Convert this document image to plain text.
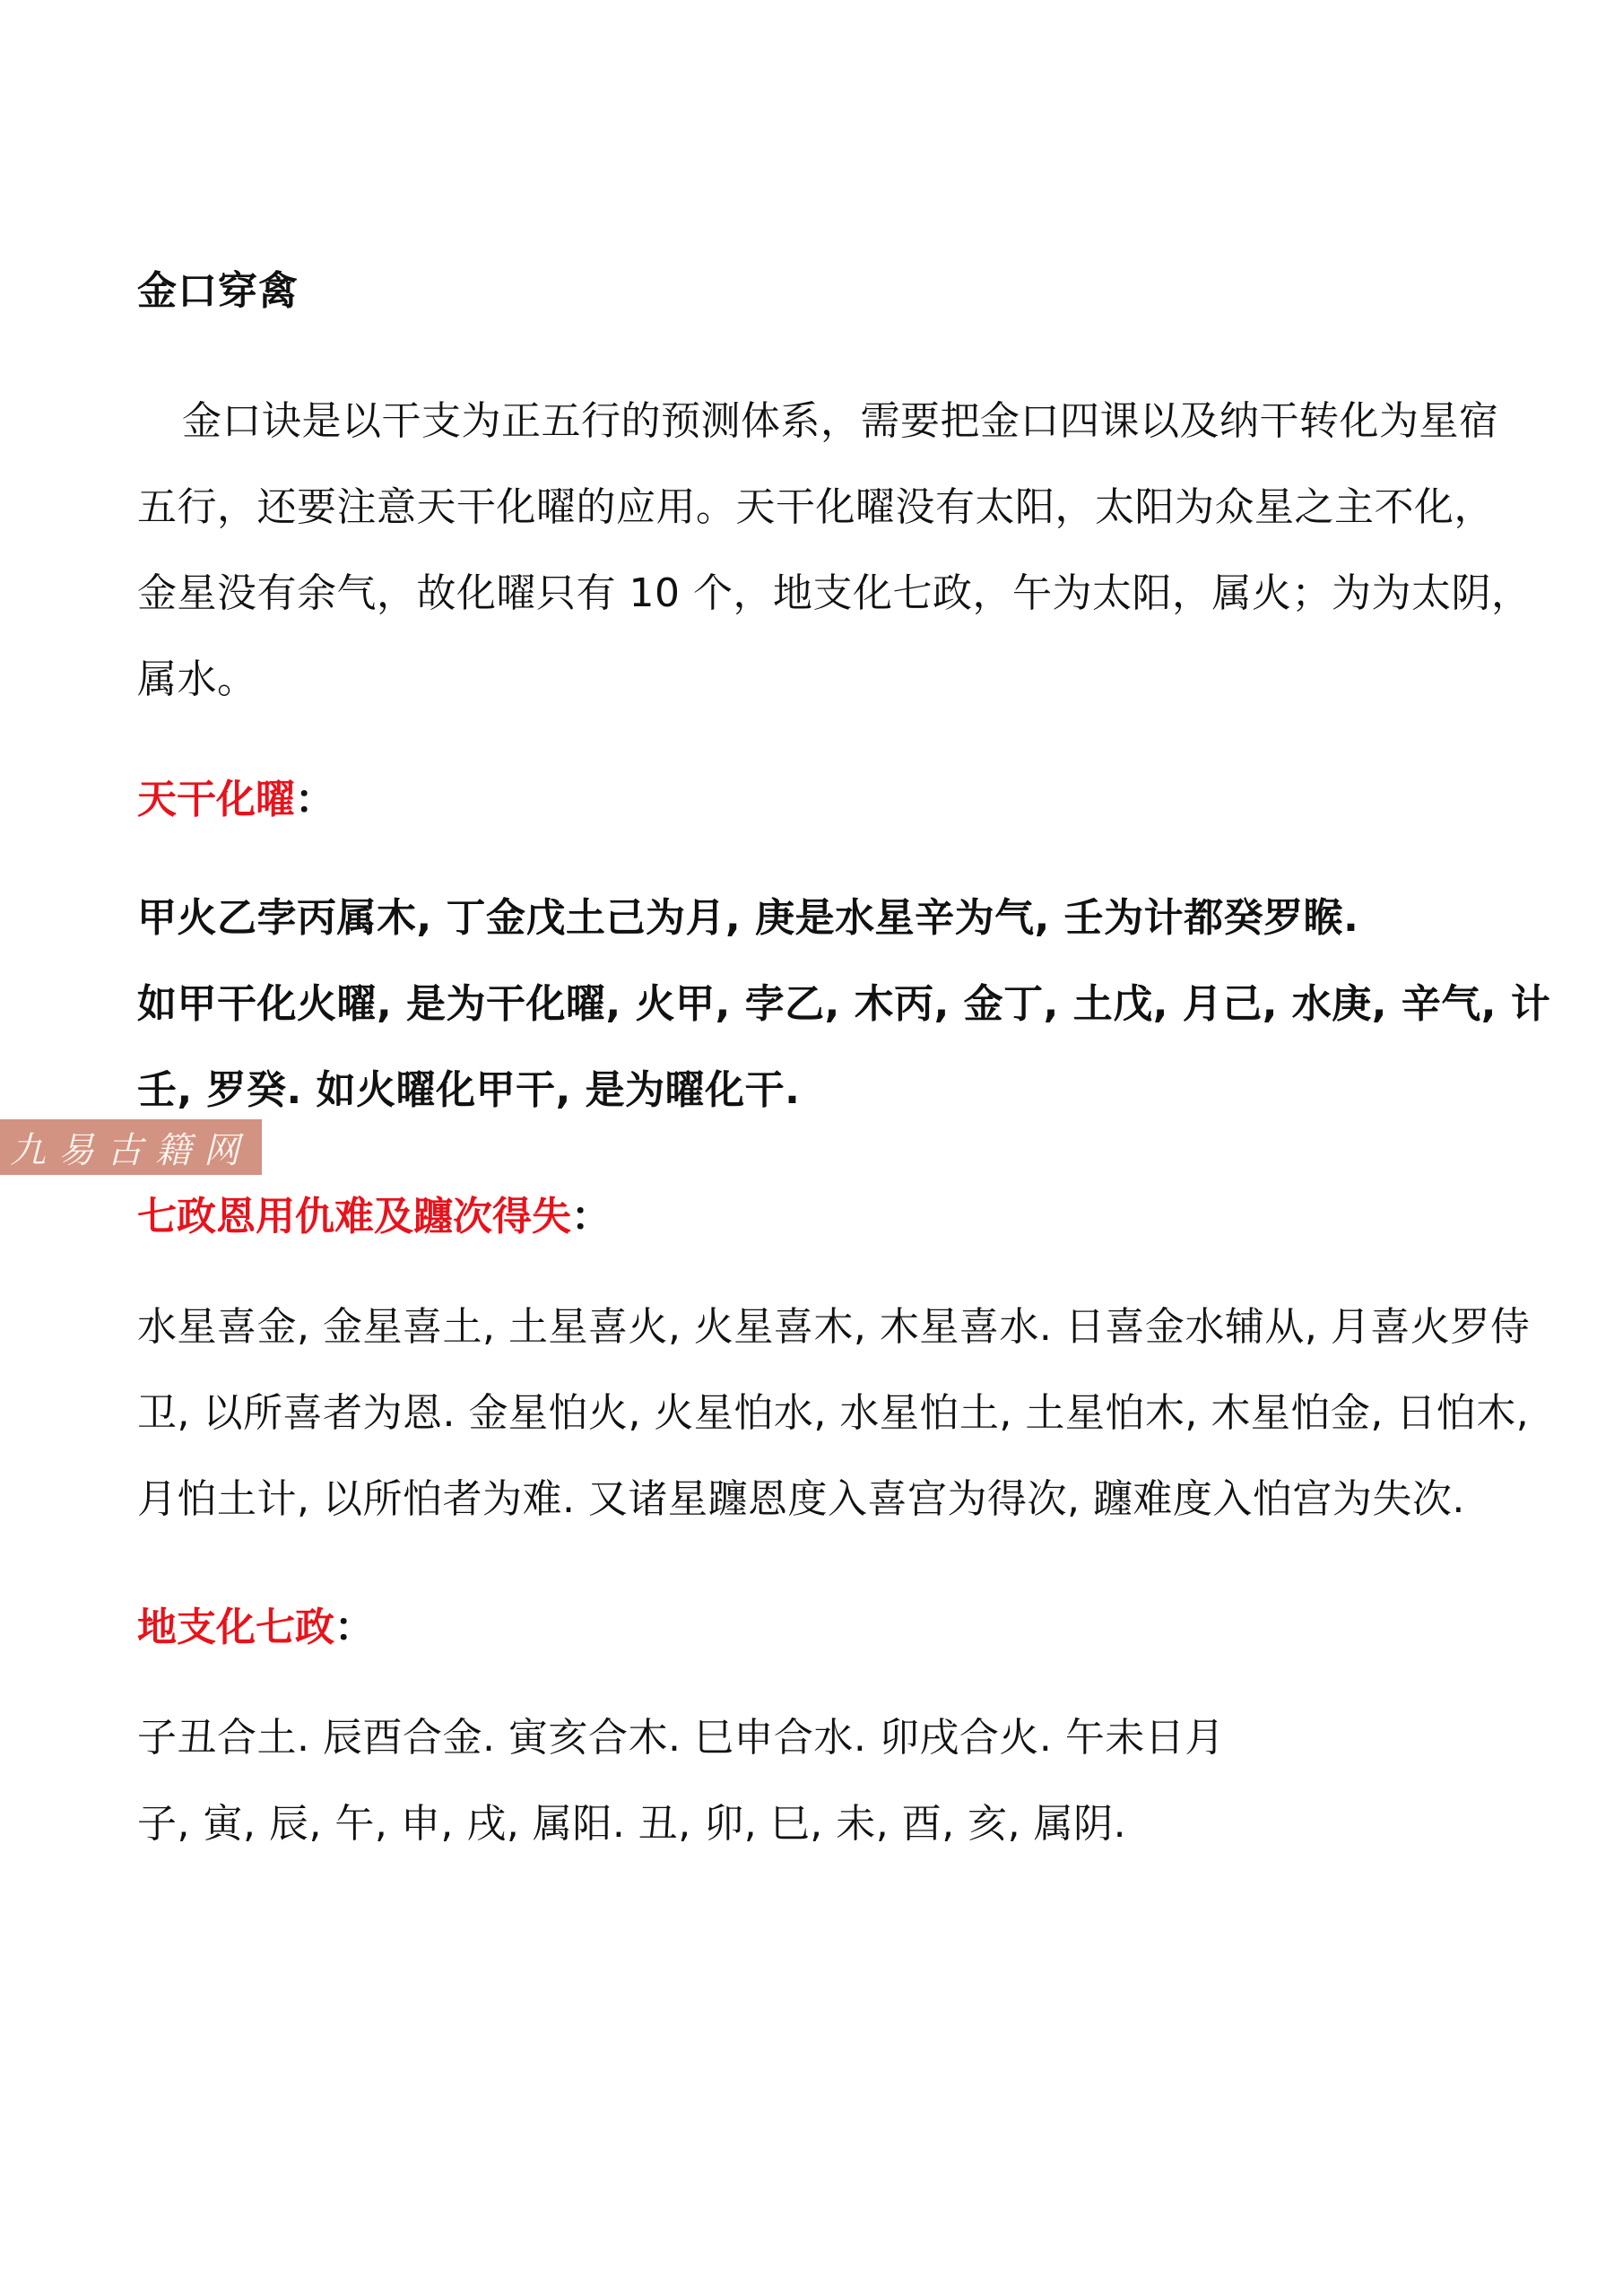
金口穿禽
金口诀是以干支为正五行的预测体系，需要把金口四课以及纳干转化为星宿
五行，还要注意天干化曜的应用。天干化曜没有太阳，太阳为众星之主不化，
金星没有余气，故化曜只有 10 个，地支化七政，午为太阳，属火；为为太阴，
属水。
天干化曜：
甲火乙孛丙属木, 丁金戊土己为月, 庚是水星辛为气, 壬为计都癸罗睺.
如甲干化火曜, 是为干化曜, 火甲, 孛乙, 木丙, 金丁, 土戊, 月己, 水庚, 辛气, 计
壬, 罗癸. 如火曜化甲干, 是为曜化干.
九易古籍网
七政恩用仇难及躔次得失：
水星喜金, 金星喜土, 土星喜火, 火星喜木, 木星喜水. 日喜金水辅从, 月喜火罗侍
卫, 以所喜者为恩. 金星怕火, 火星怕水, 水星怕土, 土星怕木, 木星怕金, 日怕木,
月怕土计, 以所怕者为难. 又诸星躔恩度入喜宫为得次, 躔难度入怕宫为失次.
地支化七政：
子丑合土. 辰酉合金. 寅亥合木. 巳申合水. 卯戌合火. 午未日月
子, 寅, 辰, 午, 申, 戌, 属阳. 丑, 卯, 巳, 未, 酉, 亥, 属阴.
